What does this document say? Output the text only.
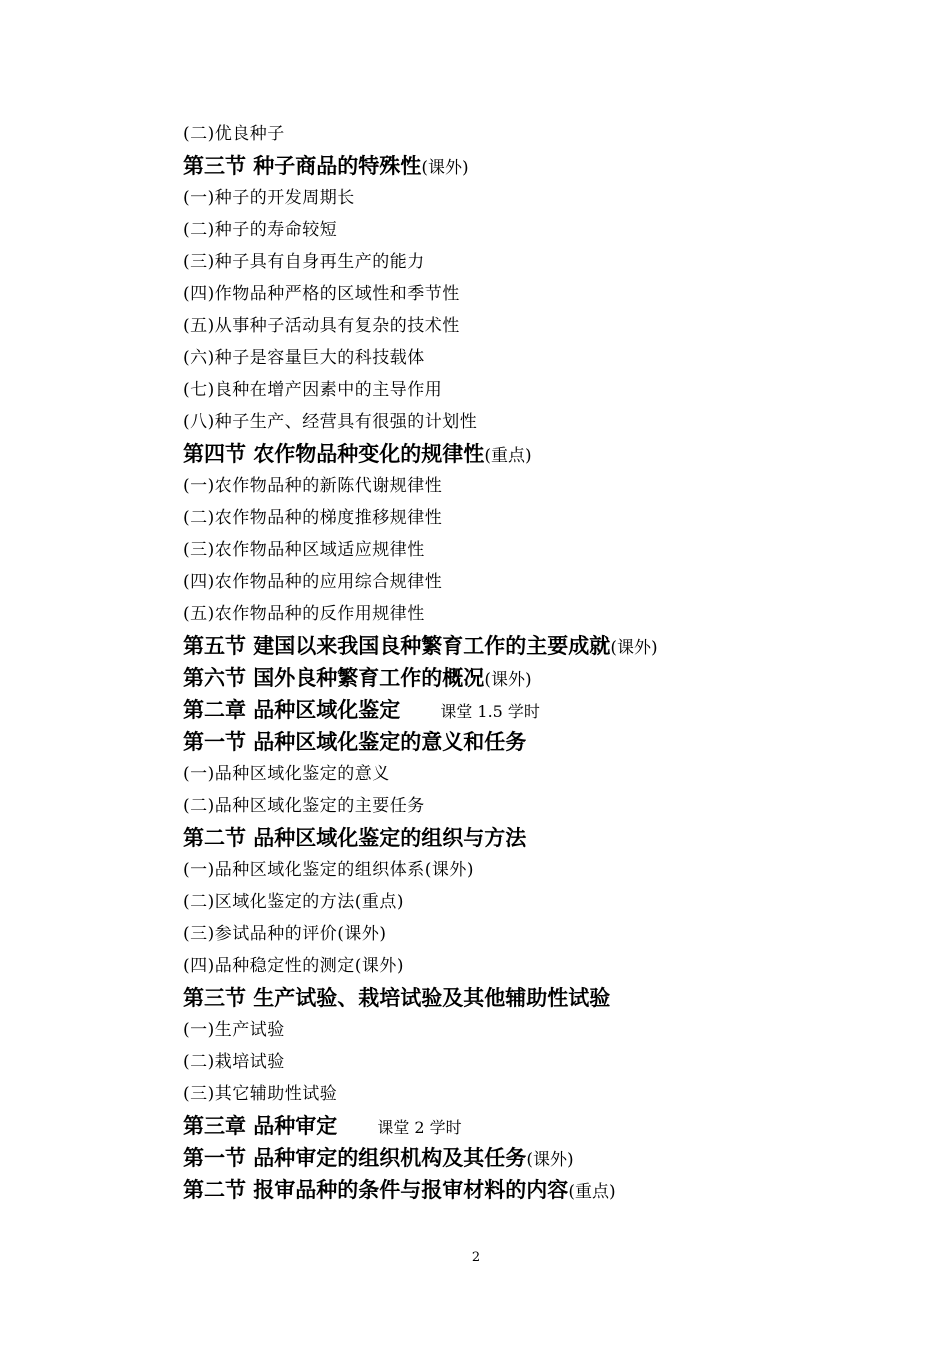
(二)优良种子
第三节 种子商品的特殊性(课外)
(一)种子的开发周期长
(二)种子的寿命较短
(三)种子具有自身再生产的能力
(四)作物品种严格的区域性和季节性
(五)从事种子活动具有复杂的技术性
(六)种子是容量巨大的科技载体
(七)良种在增产因素中的主导作用
(八)种子生产、经营具有很强的计划性
第四节 农作物品种变化的规律性(重点)
(一)农作物品种的新陈代谢规律性
(二)农作物品种的梯度推移规律性
(三)农作物品种区域适应规律性
(四)农作物品种的应用综合规律性
(五)农作物品种的反作用规律性
第五节 建国以来我国良种繁育工作的主要成就(课外)
第六节 国外良种繁育工作的概况(课外)
第二章 品种区域化鉴定	课堂 1.5 学时
第一节 品种区域化鉴定的意义和任务
(一)品种区域化鉴定的意义
(二)品种区域化鉴定的主要任务
第二节 品种区域化鉴定的组织与方法
(一)品种区域化鉴定的组织体系(课外)
(二)区域化鉴定的方法(重点)
(三)参试品种的评价(课外)
(四)品种稳定性的测定(课外)
第三节 生产试验、栽培试验及其他辅助性试验
(一)生产试验
(二)栽培试验
(三)其它辅助性试验
第三章 品种审定	课堂 2 学时
第一节 品种审定的组织机构及其任务(课外)
第二节 报审品种的条件与报审材料的内容(重点)
2
